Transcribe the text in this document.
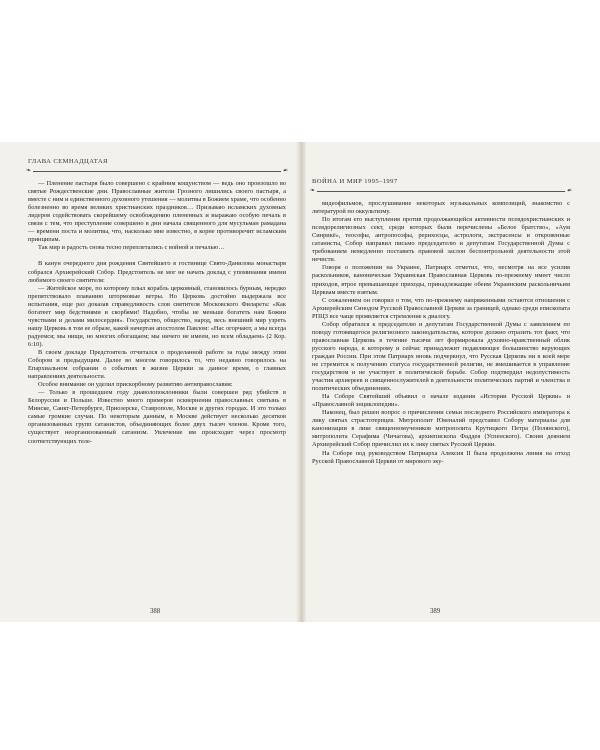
ГЛАВА СЕМНАДЦАТАЯ
❧	☙

— Пленение пастыря было совершено с крайним кощунством — ведь оно произошло во святые Рождественские дни. Православные жители Грозного лишились своего пастыря, а вместе с ним и единственного духовного утешения — молитвы в Божием храме, что особенно болезненно во время великих христианских праздников… Призываю исламских духовных лидеров содействовать скорейшему освобождению плененных и выражаю особую печаль в связи с тем, что преступление совершено в дни начала священного для мусульман рамадана — времени поста и молитвы, что, насколько мне известно, в корне противоречит исламским принципам.

Так мир и радость снова тесно переплетались с войной и печалью…

В канун очередного дня рождения Святейшего в гостинице Свято-Даниловa монастыря собрался Архиерейский Собор. Предстоятель не мог не начать доклад с упоминания имени любимого своего святителя:

— Житейское море, по которому плыл корабль церковный, становилось бурным, нередко препятствовало плаванию штормовые ветры. Но Церковь достойно выдержала все испытания, еще раз доказав справедливость слов святителя Московского Филарета: «Как богатеет мир бедствиями и скорбями! Надобно, чтобы не меньше богатеть нам Божии чувствами и делами милосердия». Государство, общество, народ, весь внешний мир узреть нашу Церковь в том ее образе, какой начертан апостолом Павлом: «Нас огорчают, а мы всегда радуемся; мы нищи, но многих обогащаем; мы ничего не имеем, но всем обладаем» (2 Кор. 6:10).

В своем докладе Предстоятель отчитался о проделанной работе за годы между этим Собором и предыдущим. Далее во многом говорилось то, что недавно говорилось на Епархиальном собрании о событиях в жизни Церкви за данное время, о главных направлениях деятельности.

Особое внимание он уделил прискорбному развитию антиправославия:

— Только в прошедшем году диаволопоклонники были совершен ряд убийств в Белоруссии и Польше. Известно много примеров осквернения православных святынь в Минске, Санкт-Петербурге, Приозерске, Ставрополе, Москве и других городах. И это только самые громкие случаи. По некоторым данным, в Москве действует несколько десятков организованных групп сатанистов, объединяющих более двух тысяч членов. Кроме того, существует неорганизованный сатанизм. Увлечение им происходит через просмотр соответствующих теле-

388
ВОЙНА И МИР 1995–1997
❧	☙

видеофильмов, прослушивание некоторых музыкальных композиций, знакомство с литературой по оккультизму.

По итогам его выступления против продолжающейся активности псевдохристианских и псевдорелигиозных сект, среди которых были перечислены «Белое братство», «Аум Синрикё», теософы, антропософы, рерихосцы, астрологи, экстрасенсы и откровенные сатанисты, Собор направил письмо председателю и депутатам Государственной Думы с требованием немедленно поставить правовой заслон беспонтрольной деятельности этой нечисти.

Говоря о положении на Украине, Патриарх отметил, что, несмотря на все усилия раскольников, каноническая Украинская Православная Церковь по-прежнему имеет число приходов, втрое превышающее приходы, принадлежащие обеим Украинским раскольничьим Церквам вместе взятым.

С сожалением он говорил о том, что по-прежнему напряженными остаются отношения с Архиерейским Синодом Русской Православной Церкви за границей, однако среди епископата РПЦЗ все чаще проявляется стремление к диалогу.

Собор обратился к председателю и депутатам Государственной Думы с заявлением по поводу готовящегося религиозного законодательства, которое должно отразить тот факт, что православная Церковь в течение тысячи лет формировала духовно-нравственный облик русского народа, к которому и сейчас принадлежит подавляющее большинство верующих граждан России. При этом Патриарх вновь подчеркнул, что Русская Церковь ни в коей мере не стремится к получению статуса государственной религии, не вмешивается в управление государством и не участвует в политической борьбе. Собор подтвердил недопустимость участия архиереев и священнослужителей в деятельности политических партий и членства в политических объединениях.

На Соборе Святейший объявил о начале издания «Истории Русской Церкви» и «Православной энциклопедии».

Наконец, был решен вопрос о причислении семьи последнего Российского императора к лику святых страстотерпцев. Митрополит Ювеналий представил Собору материалы для канонизации в лике священномучеников митрополита Крутицкого Петра (Полянского), митрополита Серафима (Чичагова), архиепископа Фаддея (Успенского). Своим деянием Архиерейский Собор причислил их к лику святых Русской Церкви.

На Соборе под руководством Патриарха Алексия II была продолжена линия на отход Русской Православной Церкви от мирового эку-

389
